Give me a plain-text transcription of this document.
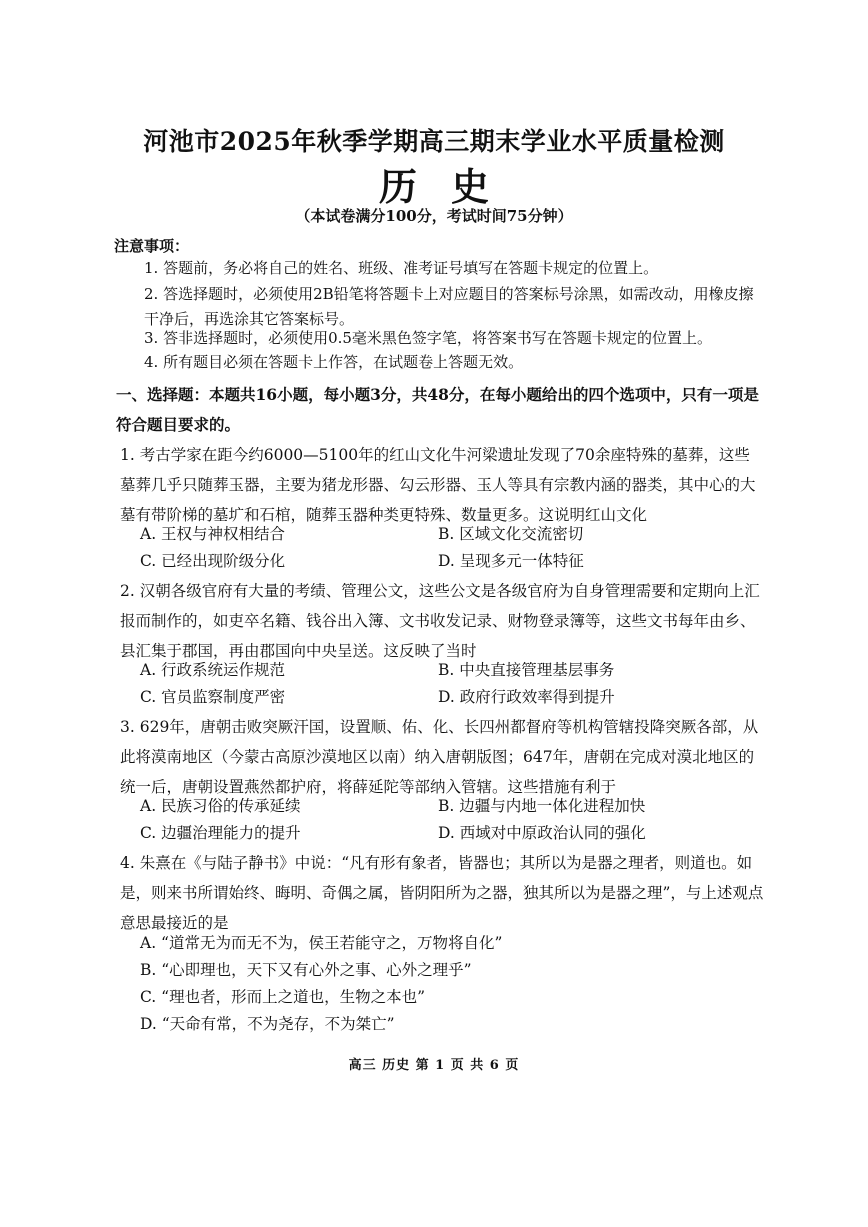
河池市2025年秋季学期高三期末学业水平质量检测
历史
（本试卷满分100分，考试时间75分钟）
注意事项：
1. 答题前，务必将自己的姓名、班级、准考证号填写在答题卡规定的位置上。
2. 答选择题时，必须使用2B铅笔将答题卡上对应题目的答案标号涂黑，如需改动，用橡皮擦干净后，再选涂其它答案标号。
3. 答非选择题时，必须使用0.5毫米黑色签字笔，将答案书写在答题卡规定的位置上。
4. 所有题目必须在答题卡上作答，在试题卷上答题无效。
一、选择题：本题共16小题，每小题3分，共48分，在每小题给出的四个选项中，只有一项是符合题目要求的。
1. 考古学家在距今约6000—5100年的红山文化牛河梁遗址发现了70余座特殊的墓葬，这些墓葬几乎只随葬玉器，主要为猪龙形器、勾云形器、玉人等具有宗教内涵的器类，其中心的大墓有带阶梯的墓圹和石棺，随葬玉器种类更特殊、数量更多。这说明红山文化
A. 王权与神权相结合	B. 区域文化交流密切
C. 已经出现阶级分化	D. 呈现多元一体特征
2. 汉朝各级官府有大量的考绩、管理公文，这些公文是各级官府为自身管理需要和定期向上汇报而制作的，如吏卒名籍、钱谷出入簿、文书收发记录、财物登录簿等，这些文书每年由乡、县汇集于郡国，再由郡国向中央呈送。这反映了当时
A. 行政系统运作规范	B. 中央直接管理基层事务
C. 官员监察制度严密	D. 政府行政效率得到提升
3. 629年，唐朝击败突厥汗国，设置顺、佑、化、长四州都督府等机构管辖投降突厥各部，从此将漠南地区（今蒙古高原沙漠地区以南）纳入唐朝版图；647年，唐朝在完成对漠北地区的统一后，唐朝设置燕然都护府，将薛延陀等部纳入管辖。这些措施有利于
A. 民族习俗的传承延续	B. 边疆与内地一体化进程加快
C. 边疆治理能力的提升	D. 西域对中原政治认同的强化
4. 朱熹在《与陆子静书》中说：“凡有形有象者，皆器也；其所以为是器之理者，则道也。如是，则来书所谓始终、晦明、奇偶之属，皆阴阳所为之器，独其所以为是器之理”，与上述观点意思最接近的是
A. “道常无为而无不为，侯王若能守之，万物将自化”
B. “心即理也，天下又有心外之事、心外之理乎”
C. “理也者，形而上之道也，生物之本也”
D. “天命有常，不为尧存，不为桀亡”
高三 历史 第 1 页 共 6 页
